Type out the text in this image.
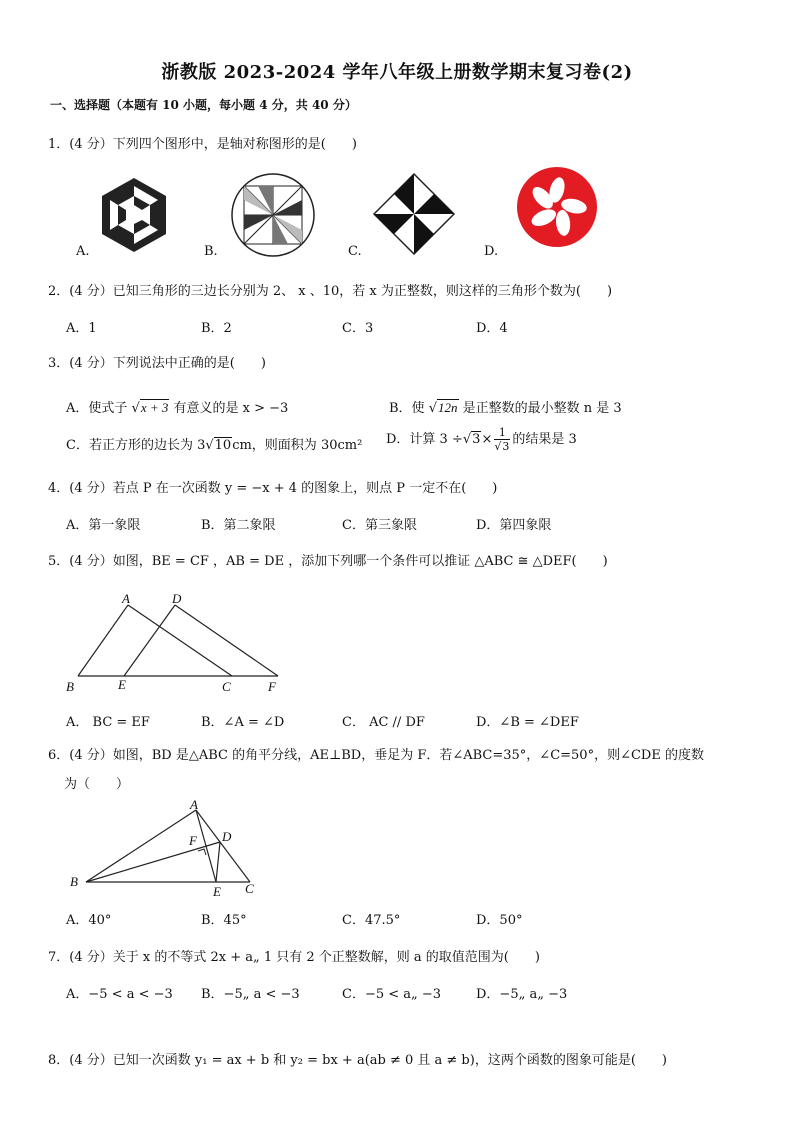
浙教版 2023-2024 学年八年级上册数学期末复习卷(2)
一、选择题（本题有 10 小题，每小题 4 分，共 40 分）
1．(4 分）下列四个图形中，是轴对称图形的是(　　)
A.	B.	C.	D.
2．(4 分）已知三角形的三边长分别为 2、 x 、10，若 x 为正整数，则这样的三角形个数为(　　)
A．1	B．2	C．3	D．4
3．(4 分）下列说法中正确的是(　　)
A．使式子 √x + 3 有意义的是 x > −3	B．使 √12n 是正整数的最小整数 n 是 3
C．若正方形的边长为 3√10cm，则面积为 30cm² D．计算 $3 \div√3\times \frac{1}{√3}$ 的结果是 3
4．(4 分）若点 P 在一次函数 y = −x + 4 的图象上，则点 P 一定不在(　　)
A．第一象限	B．第二象限	C．第三象限	D．第四象限
5．(4 分）如图，BE = CF ，AB = DE ，添加下列哪一个条件可以推证 △ABC ≅ △DEF(　　)
A	D
B	E	C	F
A． BC = EF	B．∠A = ∠D	C． AC // DF	D．∠B = ∠DEF
6．(4 分）如图，BD 是△ABC 的角平分线，AE⊥BD，垂足为 F．若∠ABC=35°，∠C=50°，则∠CDE 的度数
为（　　）
A
F D
B
E C
A．40°	B．45°	C．47.5°	D．50°
7．(4 分）关于 x 的不等式 2x + a„ 1 只有 2 个正整数解，则 a 的取值范围为(　　)
A．−5 < a < −3 B．−5„ a < −3	C．−5 < a„ −3	D．−5„ a„ −3
8．(4 分）已知一次函数 y₁ = ax + b 和 y₂ = bx + a(ab ≠ 0 且 a ≠ b)，这两个函数的图象可能是(　　)
